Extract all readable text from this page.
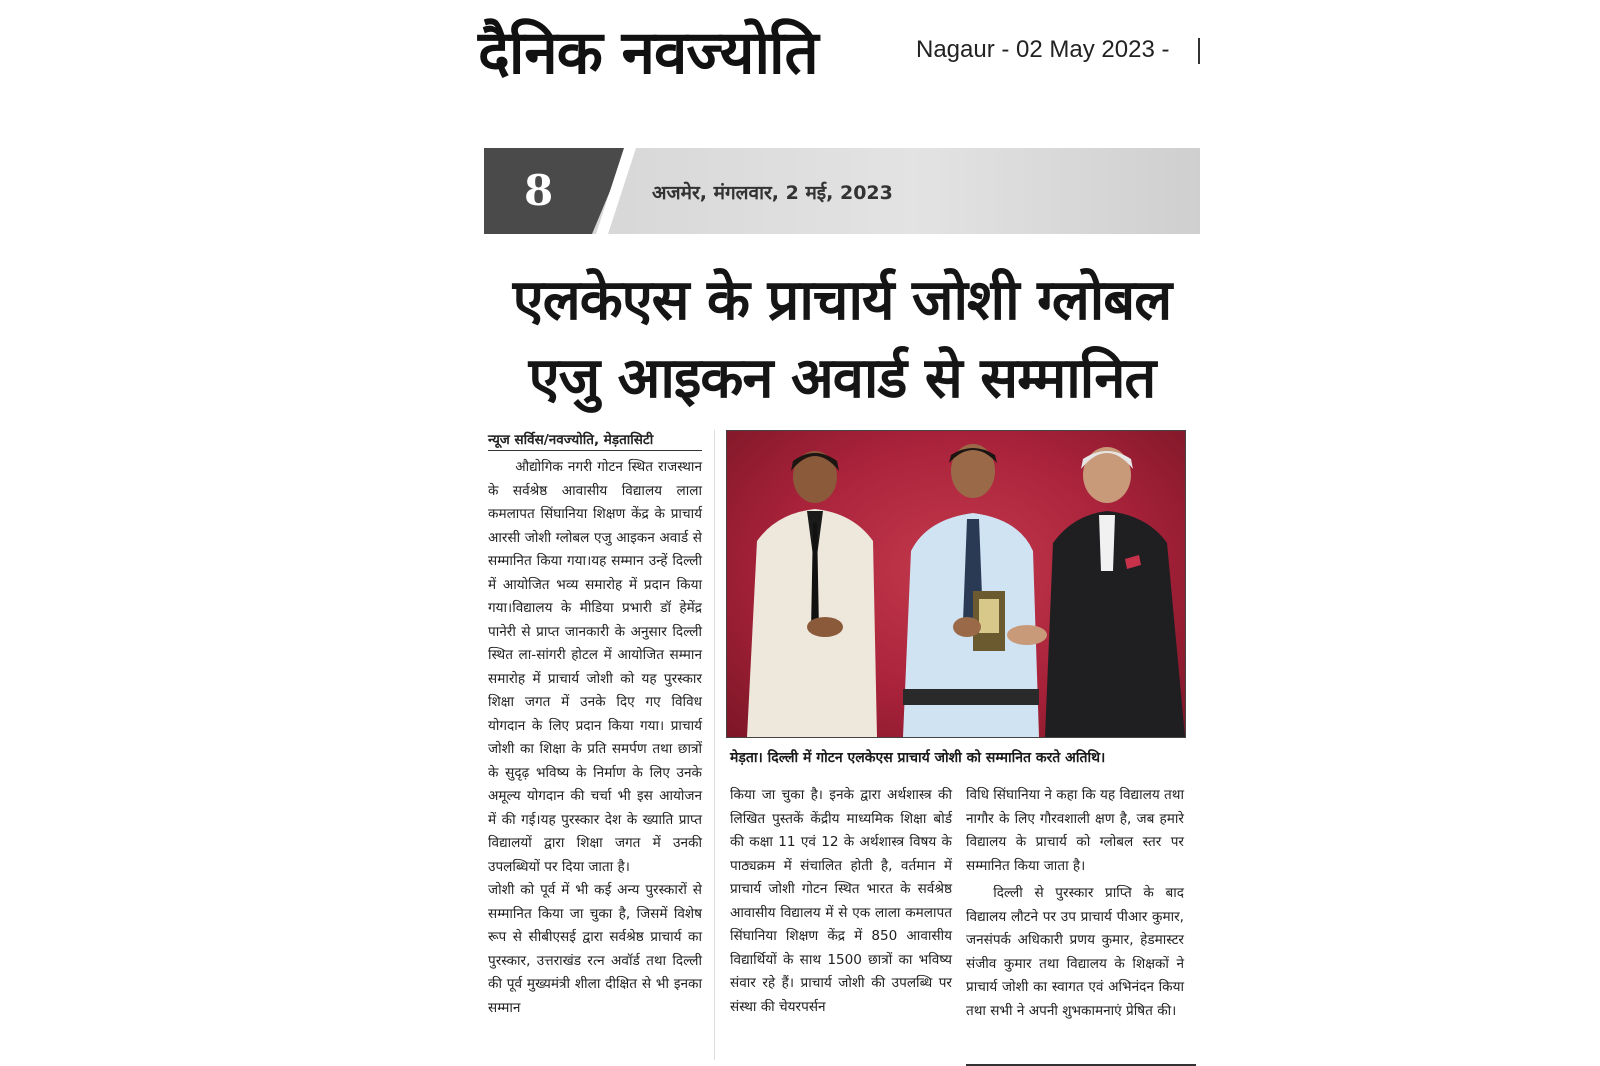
दैनिक नवज्योति	Nagaur - 02 May 2023 -
8	अजमेर, मंगलवार, 2 मई, 2023
एलकेएस के प्राचार्य जोशी ग्लोबल
एजु आइकन अवार्ड से सम्मानित
न्यूज सर्विस/नवज्योति, मेड़तासिटी

औद्योगिक नगरी गोटन स्थित राजस्थान के सर्वश्रेष्ठ आवासीय विद्यालय लाला कमलापत सिंघानिया शिक्षण केंद्र के प्राचार्य आरसी जोशी ग्लोबल एजु आइकन अवार्ड से सम्मानित किया गया।यह सम्मान उन्हें दिल्ली में आयोजित भव्य समारोह में प्रदान किया गया।विद्यालय के मीडिया प्रभारी डॉ हेमेंद्र पानेरी से प्राप्त जानकारी के अनुसार दिल्ली स्थित ला-सांगरी होटल में आयोजित सम्मान समारोह में प्राचार्य जोशी को यह पुरस्कार शिक्षा जगत में उनके दिए गए विविध योगदान के लिए प्रदान किया गया। प्राचार्य जोशी का शिक्षा के प्रति समर्पण तथा छात्रों के सुदृढ़ भविष्य के निर्माण के लिए उनके अमूल्य योगदान की चर्चा भी इस आयोजन में की गई।यह पुरस्कार देश के ख्याति प्राप्त विद्यालयों द्वारा शिक्षा जगत में उनकी उपलब्धियों पर दिया जाता है।

जोशी को पूर्व में भी कई अन्य पुरस्कारों से सम्मानित किया जा चुका है, जिसमें विशेष रूप से सीबीएसई द्वारा सर्वश्रेष्ठ प्राचार्य का पुरस्कार, उत्तराखंड रत्न अवॉर्ड तथा दिल्ली की पूर्व मुख्यमंत्री शीला दीक्षित से भी इनका सम्मान

मेड़ता। दिल्ली में गोटन एलकेएस प्राचार्य जोशी को सम्मानित करते अतिथि।

किया जा चुका है। इनके द्वारा अर्थशास्त्र की लिखित पुस्तकें केंद्रीय माध्यमिक शिक्षा बोर्ड की कक्षा 11 एवं 12 के अर्थशास्त्र विषय के पाठ्यक्रम में संचालित होती है, वर्तमान में प्राचार्य जोशी गोटन स्थित भारत के सर्वश्रेष्ठ आवासीय विद्यालय में से एक लाला कमलापत सिंघानिया शिक्षण केंद्र में 850 आवासीय विद्यार्थियों के साथ 1500 छात्रों का भविष्य संवार रहे हैं। प्राचार्य जोशी की उपलब्धि पर संस्था की चेयरपर्सन

विधि सिंघानिया ने कहा कि यह विद्यालय तथा नागौर के लिए गौरवशाली क्षण है, जब हमारे विद्यालय के प्राचार्य को ग्लोबल स्तर पर सम्मानित किया जाता है।

दिल्ली से पुरस्कार प्राप्ति के बाद विद्यालय लौटने पर उप प्राचार्य पीआर कुमार, जनसंपर्क अधिकारी प्रणय कुमार, हेडमास्टर संजीव कुमार तथा विद्यालय के शिक्षकों ने प्राचार्य जोशी का स्वागत एवं अभिनंदन किया तथा सभी ने अपनी शुभकामनाएं प्रेषित की।
